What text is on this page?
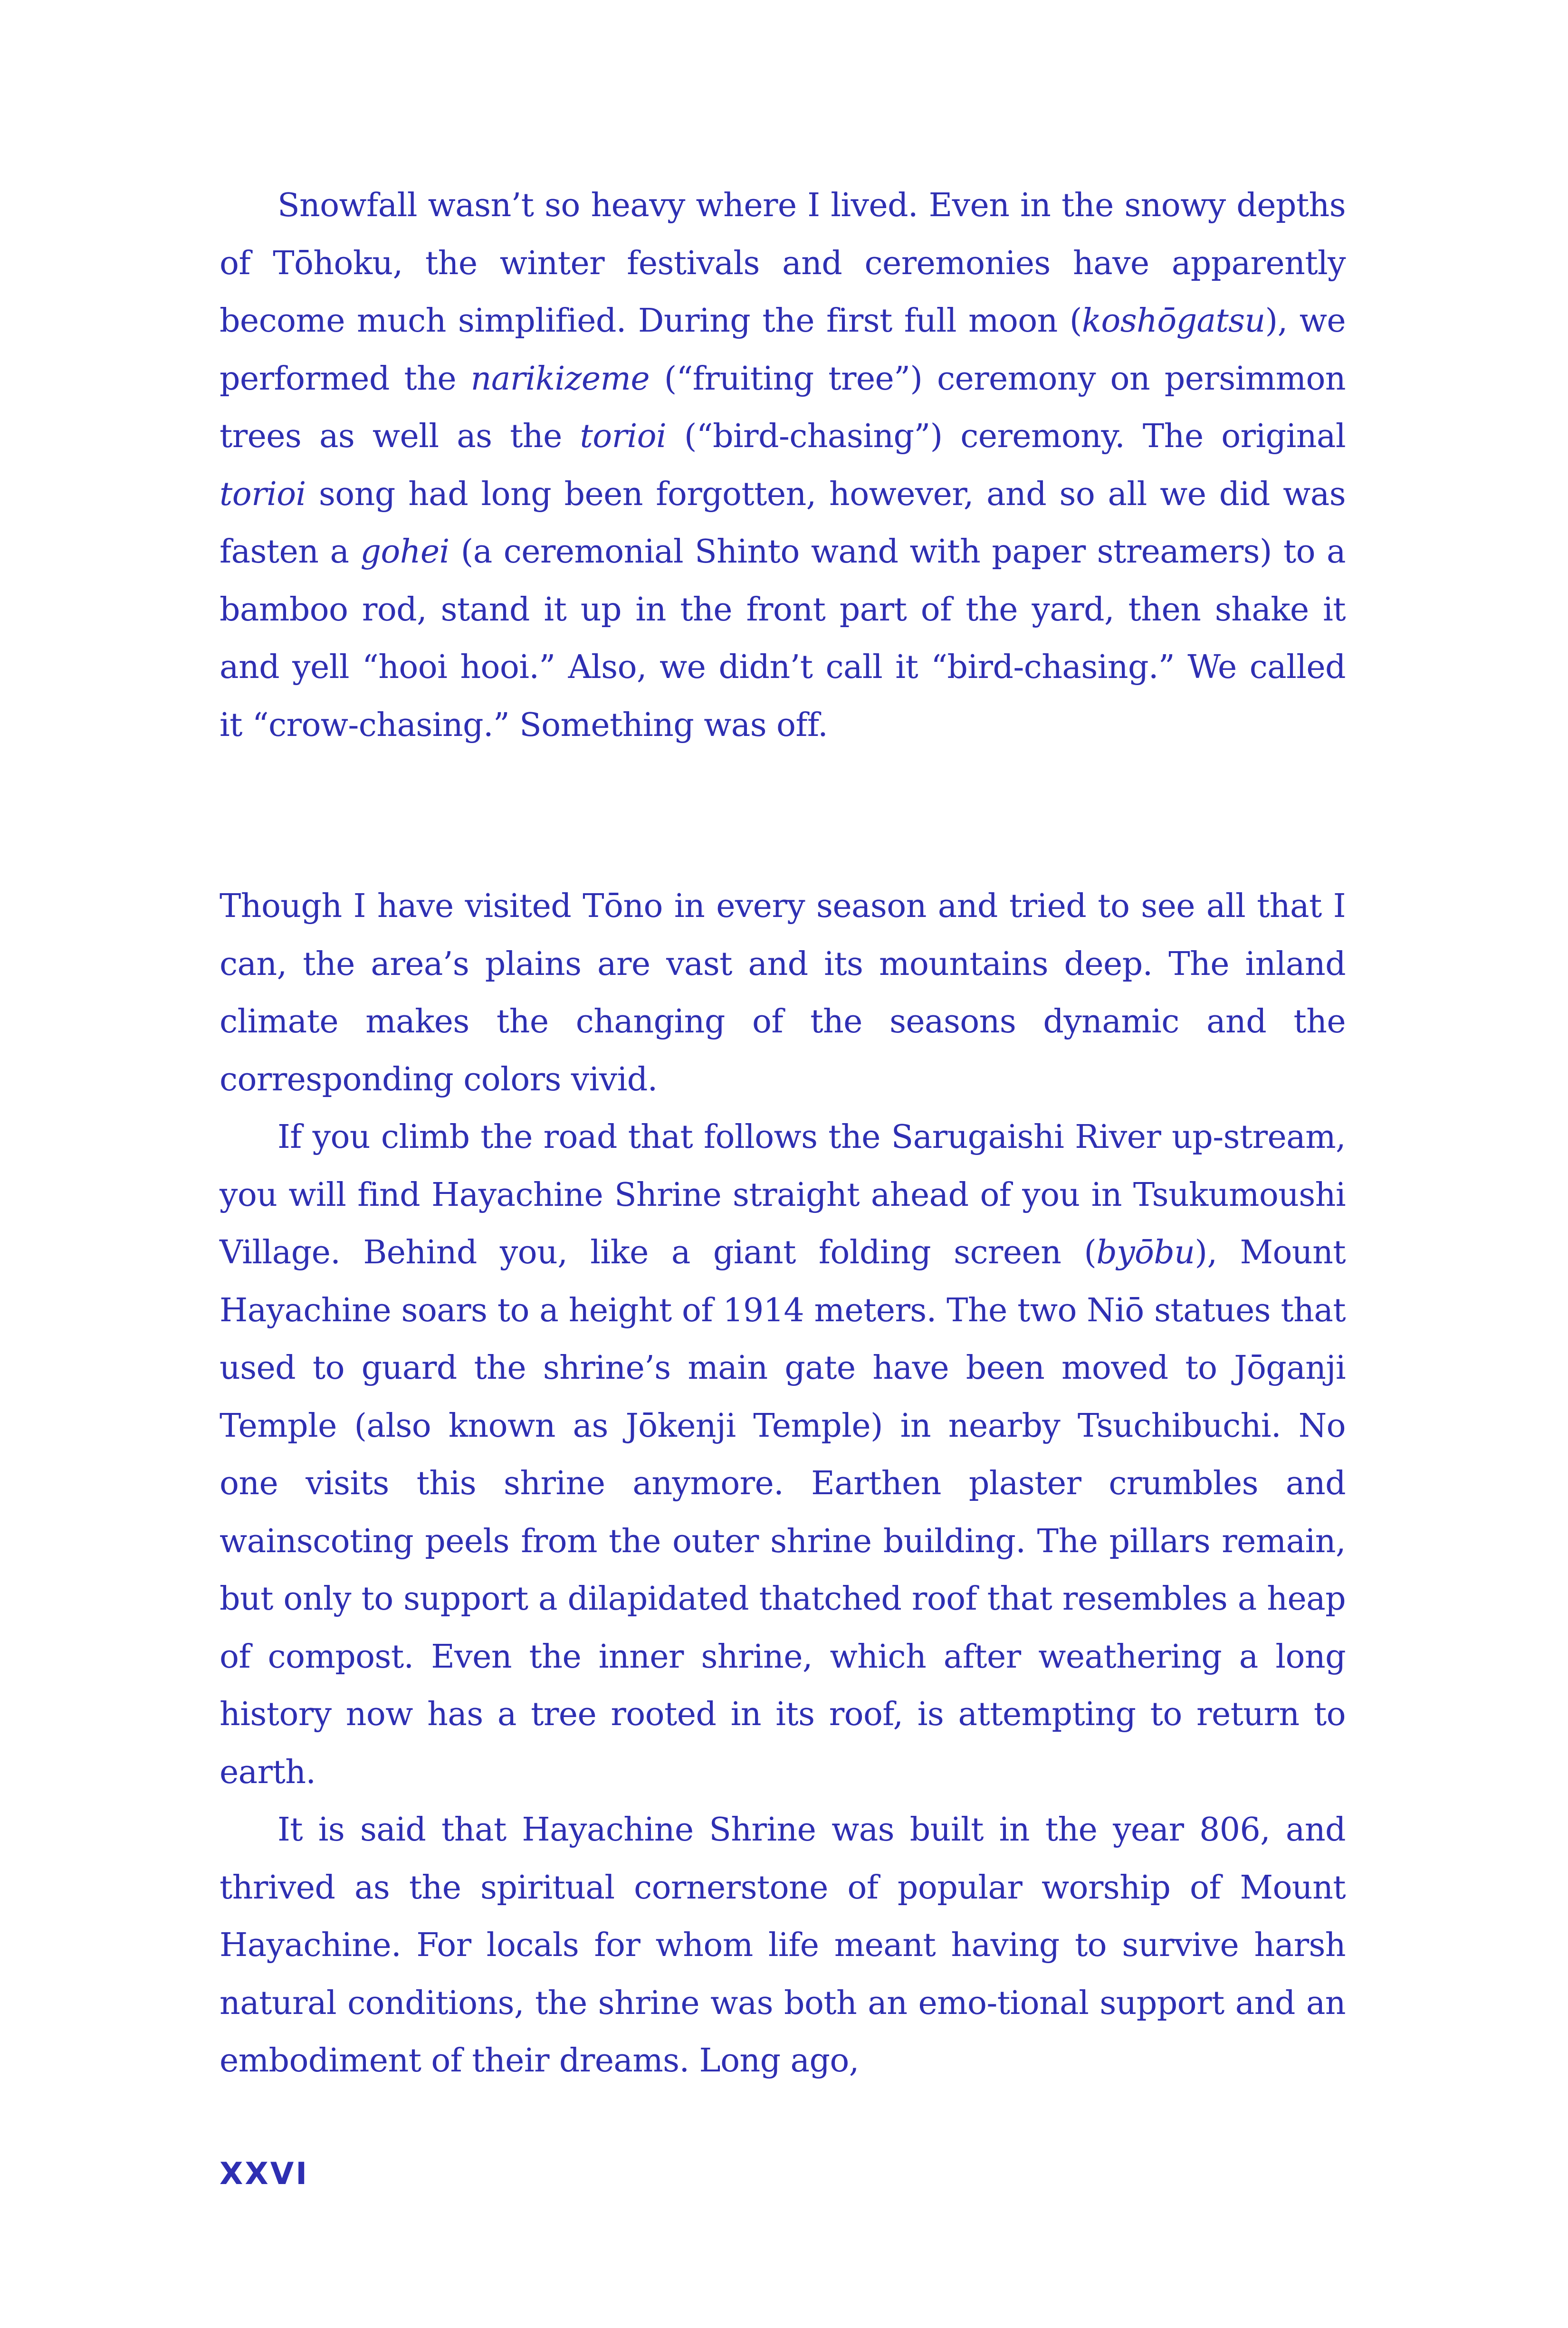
Snowfall wasn’t so heavy where I lived. Even in the snowy depths of Tōhoku, the winter festivals and ceremonies have apparently become much simplified. During the first full moon (koshōgatsu), we performed the narikizeme (“fruiting tree”) ceremony on persimmon trees as well as the torioi (“bird-chasing”) ceremony. The original torioi song had long been forgotten, however, and so all we did was fasten a gohei (a ceremonial Shinto wand with paper streamers) to a bamboo rod, stand it up in the front part of the yard, then shake it and yell “hooi hooi.” Also, we didn’t call it “bird-chasing.” We called it “crow-chasing.” Something was off.

Though I have visited Tōno in every season and tried to see all that I can, the area’s plains are vast and its mountains deep. The inland climate makes the changing of the seasons dynamic and the corresponding colors vivid.

If you climb the road that follows the Sarugaishi River up-stream, you will find Hayachine Shrine straight ahead of you in Tsukumoushi Village. Behind you, like a giant folding screen (byōbu), Mount Hayachine soars to a height of 1914 meters. The two Niō statues that used to guard the shrine’s main gate have been moved to Jōganji Temple (also known as Jōkenji Temple) in nearby Tsuchibuchi. No one visits this shrine anymore. Earthen plaster crumbles and wainscoting peels from the outer shrine building. The pillars remain, but only to support a dilapidated thatched roof that resembles a heap of compost. Even the inner shrine, which after weathering a long history now has a tree rooted in its roof, is attempting to return to earth.

It is said that Hayachine Shrine was built in the year 806, and thrived as the spiritual cornerstone of popular worship of Mount Hayachine. For locals for whom life meant having to survive harsh natural conditions, the shrine was both an emo-tional support and an embodiment of their dreams. Long ago,

XXVI
